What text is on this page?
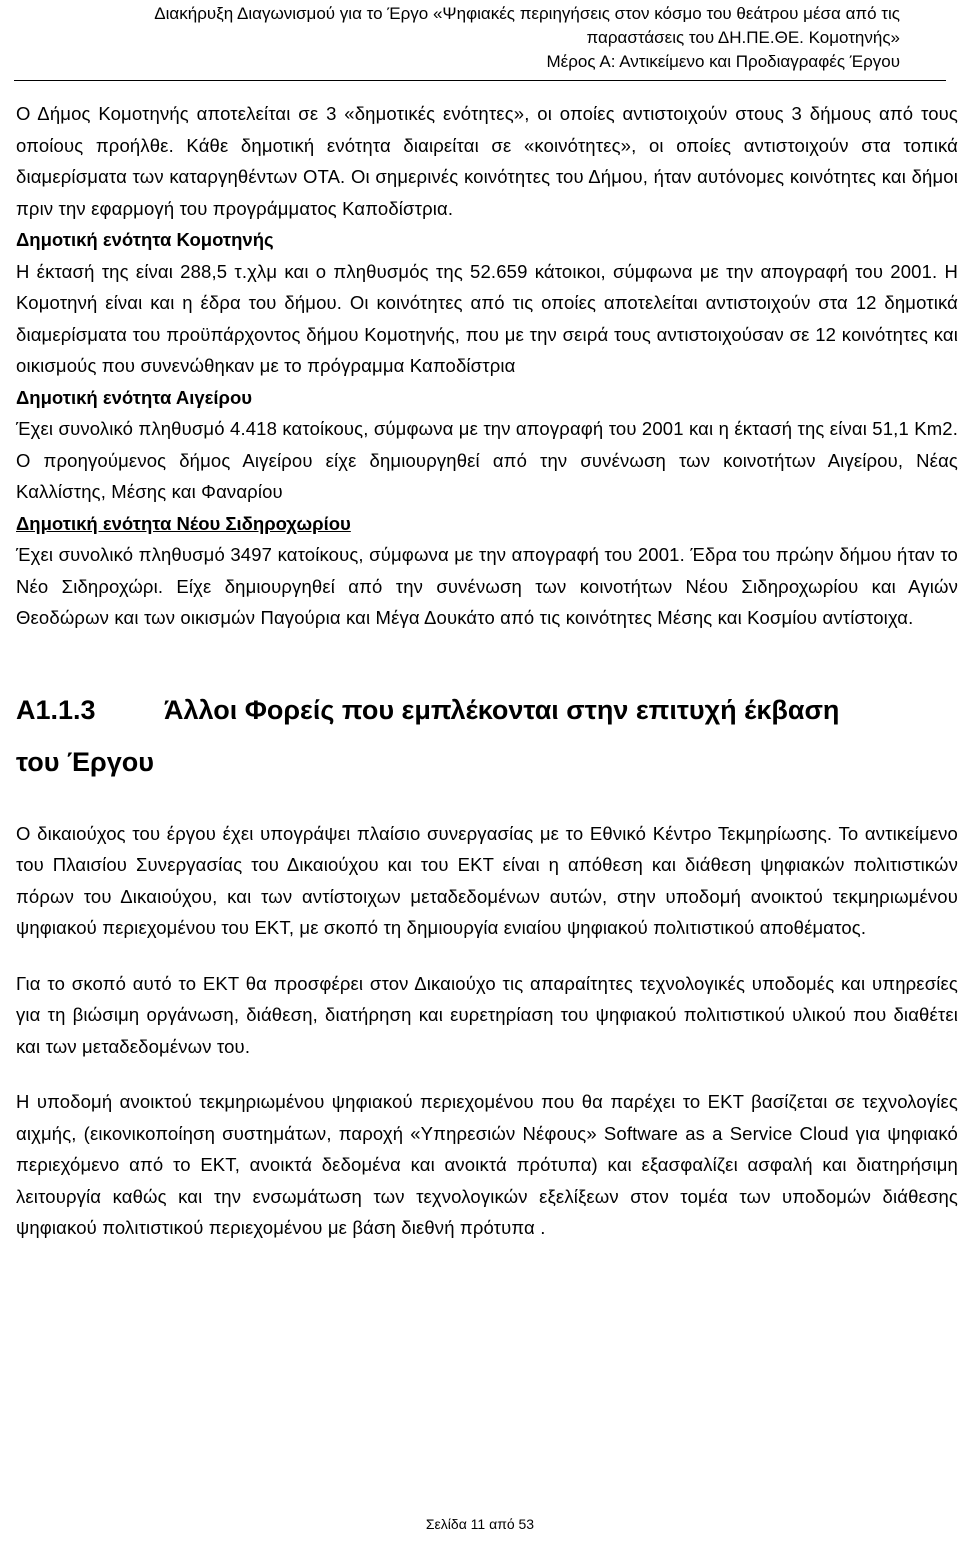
Διακήρυξη Διαγωνισμού για το Έργο «Ψηφιακές περιηγήσεις στον κόσμο του θεάτρου μέσα από τις
παραστάσεις του ΔΗ.ΠΕ.ΘΕ. Κομοτηνής»
Μέρος Α: Αντικείμενο και Προδιαγραφές Έργου

Ο Δήμος Κομοτηνής αποτελείται σε 3 «δημοτικές ενότητες», οι οποίες αντιστοιχούν στους 3 δήμους από τους οποίους προήλθε. Κάθε δημοτική ενότητα διαιρείται σε «κοινότητες», οι οποίες αντιστοιχούν στα τοπικά διαμερίσματα των καταργηθέντων ΟΤΑ. Οι σημερινές κοινότητες του Δήμου, ήταν αυτόνομες κοινότητες και δήμοι πριν την εφαρμογή του προγράμματος Καποδίστρια.

Δημοτική ενότητα Κομοτηνής

Η έκτασή της είναι 288,5 τ.χλμ και ο πληθυσμός της 52.659 κάτοικοι, σύμφωνα με την απογραφή του 2001. Η Κομοτηνή είναι και η έδρα του δήμου. Οι κοινότητες από τις οποίες αποτελείται αντιστοιχούν στα 12 δημοτικά διαμερίσματα του προϋπάρχοντος δήμου Κομοτηνής, που με την σειρά τους αντιστοιχούσαν σε 12 κοινότητες και οικισμούς που συνενώθηκαν με το πρόγραμμα Καποδίστρια

Δημοτική ενότητα Αιγείρου

Έχει συνολικό πληθυσμό 4.418 κατοίκους, σύμφωνα με την απογραφή του 2001 και η έκτασή της είναι 51,1 Km2. Ο προηγούμενος δήμος Αιγείρου είχε δημιουργηθεί από την συνένωση των κοινοτήτων Αιγείρου, Νέας Καλλίστης, Μέσης και Φαναρίου

Δημοτική ενότητα Νέου Σιδηροχωρίου

Έχει συνολικό πληθυσμό 3497 κατοίκους, σύμφωνα με την απογραφή του 2001. Έδρα του πρώην δήμου ήταν το Νέο Σιδηροχώρι. Είχε δημιουργηθεί από την συνένωση των κοινοτήτων Νέου Σιδηροχωρίου και Αγιών Θεοδώρων και των οικισμών Παγούρια και Μέγα Δουκάτο από τις κοινότητες Μέσης και Κοσμίου αντίστοιχα.

Α1.1.3	Άλλοι Φορείς που εμπλέκονται στην επιτυχή έκβαση
του Έργου

Ο δικαιούχος του έργου έχει υπογράψει πλαίσιο συνεργασίας με το Εθνικό Κέντρο Τεκμηρίωσης. Το αντικείμενο του Πλαισίου Συνεργασίας του Δικαιούχου και του ΕΚΤ είναι η απόθεση και διάθεση ψηφιακών πολιτιστικών πόρων του Δικαιούχου, και των αντίστοιχων μεταδεδομένων αυτών, στην υποδομή ανοικτού τεκμηριωμένου ψηφιακού περιεχομένου του ΕΚΤ, με σκοπό τη δημιουργία ενιαίου ψηφιακού πολιτιστικού αποθέματος.

Για το σκοπό αυτό το ΕΚΤ θα προσφέρει στον Δικαιούχο τις απαραίτητες τεχνολογικές υποδομές και υπηρεσίες για τη βιώσιμη οργάνωση, διάθεση, διατήρηση και ευρετηρίαση του ψηφιακού πολιτιστικού υλικού που διαθέτει και των μεταδεδομένων του.

Η υποδομή ανοικτού τεκμηριωμένου ψηφιακού περιεχομένου που θα παρέχει το ΕΚΤ βασίζεται σε τεχνολογίες αιχμής, (εικονικοποίηση συστημάτων, παροχή «Υπηρεσιών Νέφους» Software as a Service Cloud για ψηφιακό περιεχόμενο από το ΕΚΤ, ανοικτά δεδομένα και ανοικτά πρότυπα) και εξασφαλίζει ασφαλή και διατηρήσιμη λειτουργία καθώς και την ενσωμάτωση των τεχνολογικών εξελίξεων στον τομέα των υποδομών διάθεσης ψηφιακού πολιτιστικού περιεχομένου με βάση διεθνή πρότυπα .

Σελίδα 11 από 53
